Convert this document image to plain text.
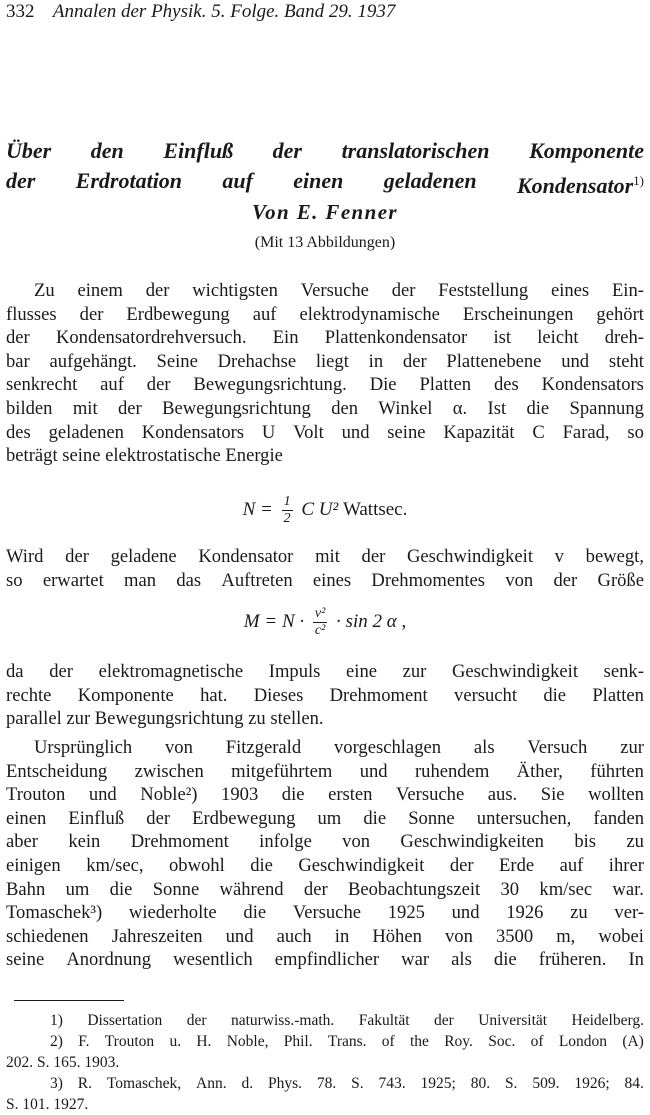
332 Annalen der Physik. 5. Folge. Band 29. 1937
Über den Einfluß der translatorischen Komponente
der Erdrotation auf einen geladenen Kondensator$^{1)}$
Von E. Fenner
(Mit 13 Abbildungen)
Zu einem der wichtigsten Versuche der Feststellung eines Ein-
flusses der Erdbewegung auf elektrodynamische Erscheinungen gehört
der Kondensatordrehversuch. Ein Plattenkondensator ist leicht dreh-
bar aufgehängt. Seine Drehachse liegt in der Plattenebene und steht
senkrecht auf der Bewegungsrichtung. Die Platten des Kondensators
bilden mit der Bewegungsrichtung den Winkel α. Ist die Spannung
des geladenen Kondensators U Volt und seine Kapazität C Farad, so
beträgt seine elektrostatische Energie
$N = \frac{1}{2}$ C U² Wattsec.
Wird der geladene Kondensator mit der Geschwindigkeit v bewegt,
so erwartet man das Auftreten eines Drehmomentes von der Größe
$M = N \cdot \frac{\text{v²}}{\text{c²}} \cdot \sin 2$ α ,
da der elektromagnetische Impuls eine zur Geschwindigkeit senk-
rechte Komponente hat. Dieses Drehmoment versucht die Platten
parallel zur Bewegungsrichtung zu stellen.
Ursprünglich von Fitzgerald vorgeschlagen als Versuch zur
Entscheidung zwischen mitgeführtem und ruhendem Äther, führten
Trouton und Noble²) 1903 die ersten Versuche aus. Sie wollten
einen Einfluß der Erdbewegung um die Sonne untersuchen, fanden
aber kein Drehmoment infolge von Geschwindigkeiten bis zu
einigen km/sec, obwohl die Geschwindigkeit der Erde auf ihrer
Bahn um die Sonne während der Beobachtungszeit 30 km/sec war.
Tomaschek³) wiederholte die Versuche 1925 und 1926 zu ver-
schiedenen Jahreszeiten und auch in Höhen von 3500 m, wobei
seine Anordnung wesentlich empfindlicher war als die früheren. In
1) Dissertation der naturwiss.-math. Fakultät der Universität Heidelberg.
2) F. Trouton u. H. Noble, Phil. Trans. of the Roy. Soc. of London (A)
202. S. 165. 1903.
3) R. Tomaschek, Ann. d. Phys. 78. S. 743. 1925; 80. S. 509. 1926; 84.
S. 101. 1927.
